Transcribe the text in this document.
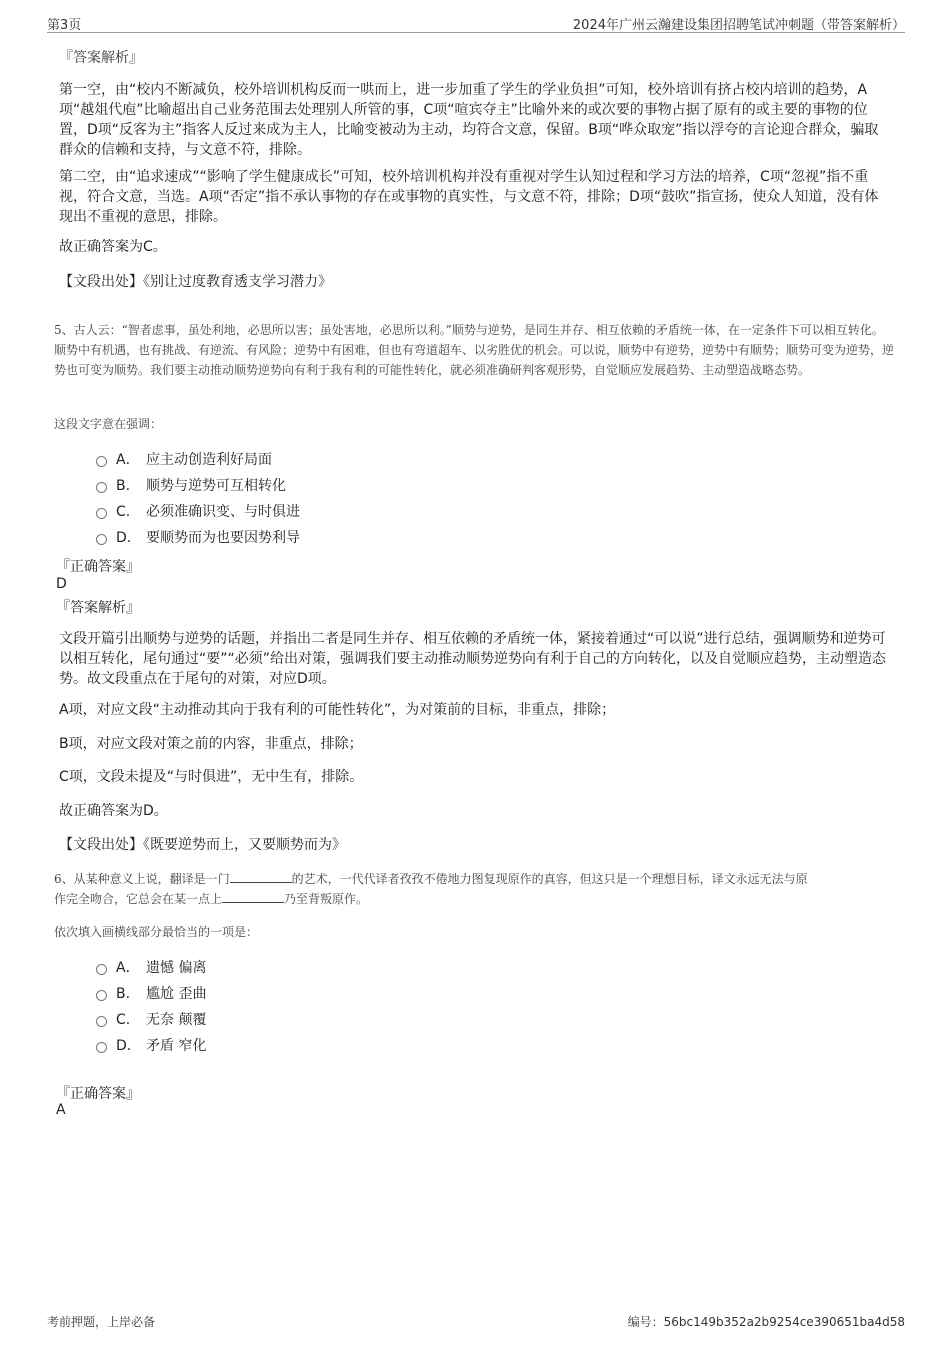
第3页	2024年广州云瀚建设集团招聘笔试冲刺题（带答案解析）
『答案解析』
第一空，由“校内不断减负，校外培训机构反而一哄而上，进一步加重了学生的学业负担”可知，校外培训有挤占校内培训的趋势，A项“越俎代庖”比喻超出自己业务范围去处理别人所管的事，C项“喧宾夺主”比喻外来的或次要的事物占据了原有的或主要的事物的位置，D项“反客为主”指客人反过来成为主人，比喻变被动为主动，均符合文意，保留。B项“哗众取宠”指以浮夸的言论迎合群众，骗取群众的信赖和支持，与文意不符，排除。
第二空，由“追求速成”“影响了学生健康成长”可知，校外培训机构并没有重视对学生认知过程和学习方法的培养，C项“忽视”指不重视，符合文意，当选。A项“否定”指不承认事物的存在或事物的真实性，与文意不符，排除；D项“鼓吹”指宣扬，使众人知道，没有体现出不重视的意思，排除。
故正确答案为C。
【文段出处】《别让过度教育透支学习潜力》
5、古人云：“智者虑事，虽处利地，必思所以害；虽处害地，必思所以利。”顺势与逆势，是同生并存、相互依赖的矛盾统一体，在一定条件下可以相互转化。顺势中有机遇，也有挑战、有逆流、有风险；逆势中有困难，但也有弯道超车、以劣胜优的机会。可以说，顺势中有逆势，逆势中有顺势；顺势可变为逆势，逆势也可变为顺势。我们要主动推动顺势逆势向有利于我有利的可能性转化，就必须准确研判客观形势，自觉顺应发展趋势、主动塑造战略态势。
这段文字意在强调：
A． 应主动创造利好局面
B. 顺势与逆势可互相转化
C. 必须准确识变、与时俱进
D. 要顺势而为也要因势利导
『正确答案』
D
『答案解析』
文段开篇引出顺势与逆势的话题，并指出二者是同生并存、相互依赖的矛盾统一体，紧接着通过“可以说”进行总结，强调顺势和逆势可以相互转化，尾句通过“要”“必须”给出对策，强调我们要主动推动顺势逆势向有利于自己的方向转化，以及自觉顺应趋势，主动塑造态势。故文段重点在于尾句的对策，对应D项。
A项，对应文段“主动推动其向于我有利的可能性转化”，为对策前的目标，非重点，排除；
B项，对应文段对策之前的内容，非重点，排除；
C项，文段未提及“与时俱进”，无中生有，排除。
故正确答案为D。
【文段出处】《既要逆势而上，又要顺势而为》
6、从某种意义上说，翻译是一门	的艺术，一代代译者孜孜不倦地力图复现原作的真容，但这只是一个理想目标，译文永远无法与原
作完全吻合，它总会在某一点上	乃至背叛原作。
依次填入画横线部分最恰当的一项是：
A． 遗憾 偏离
B. 尴尬 歪曲
C. 无奈 颠覆
D. 矛盾 窄化
『正确答案』
A
考前押题，上岸必备	编号：56bc149b352a2b9254ce390651ba4d58
